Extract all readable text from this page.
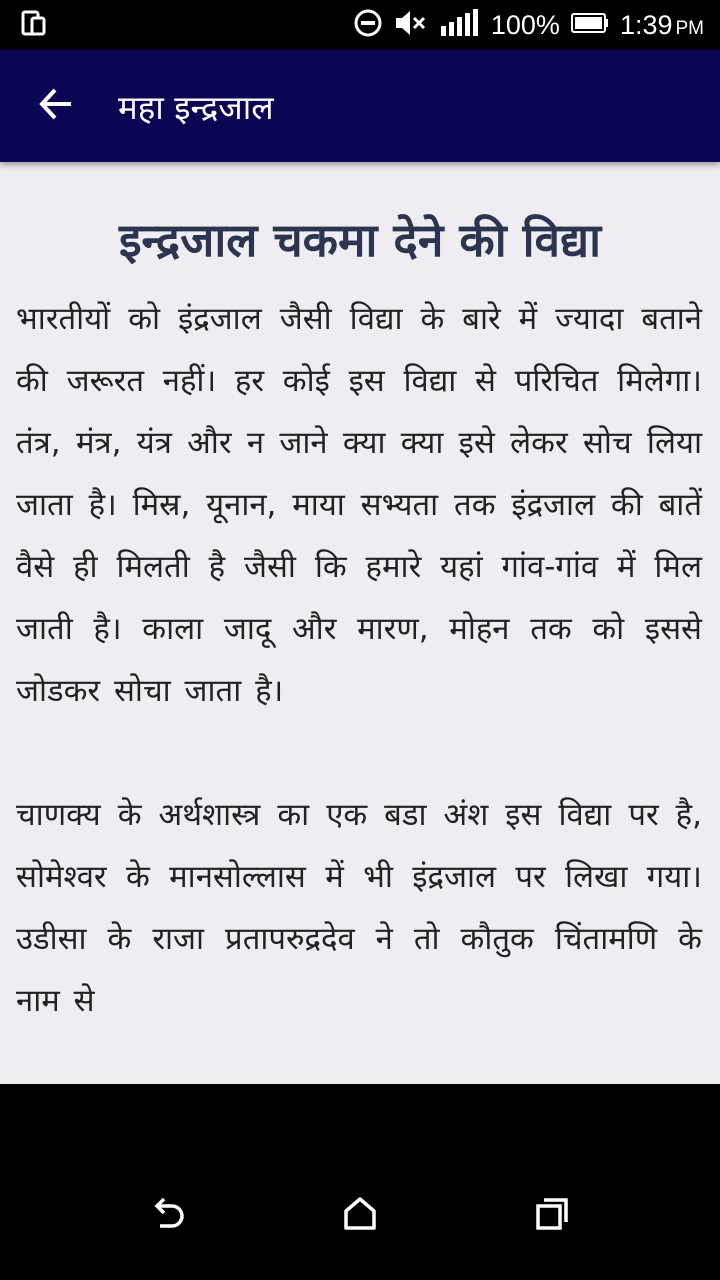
100% 1:39 PM
महा इन्द्रजाल
इन्द्रजाल चकमा देने की विद्या

भारतीयों को इंद्रजाल जैसी विद्या के बारे में ज्यादा बताने की जरूरत नहीं। हर कोई इस विद्या से परिचित मिलेगा। तंत्र, मंत्र, यंत्र और न जाने क्या क्या इसे लेकर सोच लिया जाता है। मिस्र, यूनान, माया सभ्यता तक इंद्रजाल की बातें वैसे ही मिलती है जैसी कि हमारे यहां गांव-गांव में मिल जाती है। काला जादू और मारण, मोहन तक को इससे जोडकर सोचा जाता है।

चाणक्य के अर्थशास्त्र का एक बडा अंश इस विद्या पर है, सोमेश्वर के मानसोल्लास में भी इंद्रजाल पर लिखा गया। उडीसा के राजा प्रतापरुद्रदेव ने तो कौतुक चिंतामणि के नाम से
